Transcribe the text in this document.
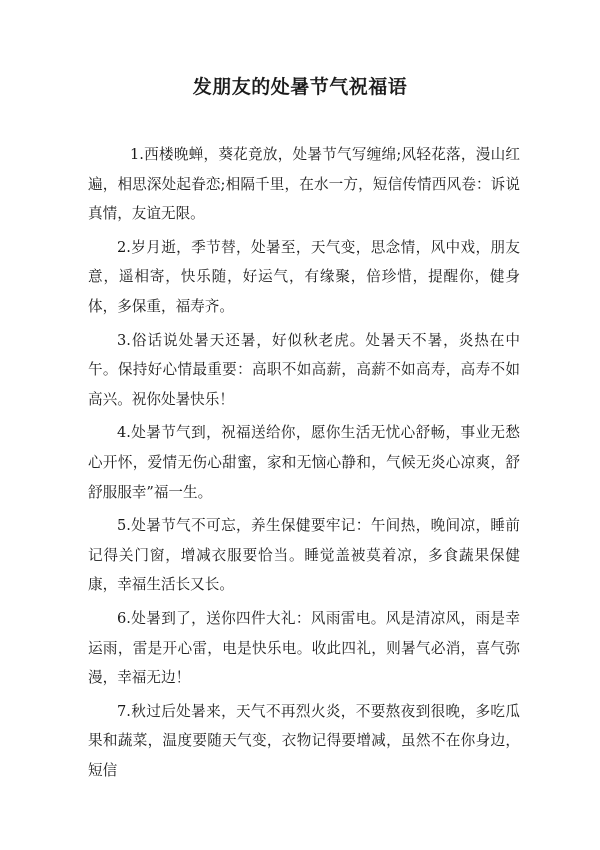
发朋友的处暑节气祝福语

1.西楼晚蝉，葵花竟放，处暑节气写缠绵;风轻花落，漫山红遍，相思深处起眷恋;相隔千里，在水一方，短信传情西风卷：诉说真情，友谊无限。

2.岁月逝，季节替，处暑至，天气变，思念情，风中戏，朋友意，遥相寄，快乐随，好运气，有缘聚，倍珍惜，提醒你，健身体，多保重，福寿齐。

3.俗话说处暑天还暑，好似秋老虎。处暑天不暑，炎热在中午。保持好心情最重要：高职不如高薪，高薪不如高寿，高寿不如高兴。祝你处暑快乐！

4.处暑节气到，祝福送给你，愿你生活无忧心舒畅，事业无愁心开怀，爱情无伤心甜蜜，家和无恼心静和，气候无炎心凉爽，舒舒服服幸”福一生。

5.处暑节气不可忘，养生保健要牢记：午间热，晚间凉，睡前记得关门窗，增减衣服要恰当。睡觉盖被莫着凉，多食蔬果保健康，幸福生活长又长。

6.处暑到了，送你四件大礼：风雨雷电。风是清凉风，雨是幸运雨，雷是开心雷，电是快乐电。收此四礼，则暑气必消，喜气弥漫，幸福无边！

7.秋过后处暑来，天气不再烈火炎，不要熬夜到很晚，多吃瓜果和蔬菜，温度要随天气变，衣物记得要增减，虽然不在你身边，短信
